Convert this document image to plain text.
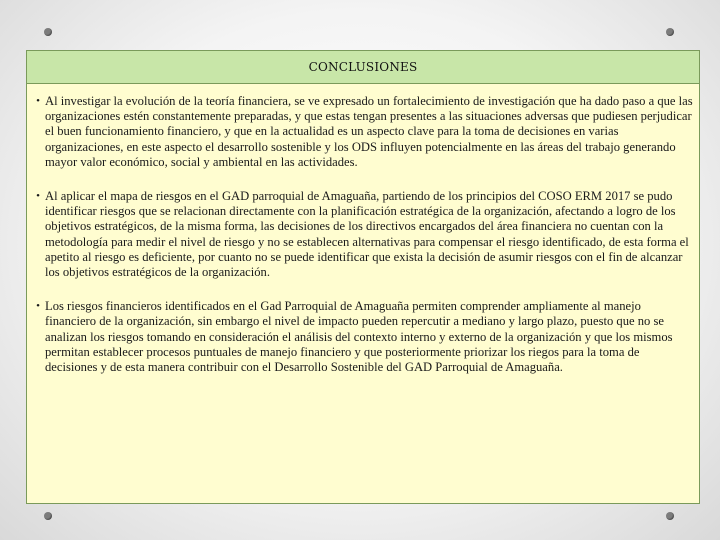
CONCLUSIONES
• Al investigar la evolución de la teoría financiera, se ve expresado un fortalecimiento de investigación que ha dado paso a que las organizaciones estén constantemente preparadas, y que estas tengan presentes a las situaciones adversas que pudiesen perjudicar el buen funcionamiento financiero, y que en la actualidad es un aspecto clave para la toma de decisiones en varias organizaciones, en este aspecto el desarrollo sostenible y los ODS influyen potencialmente en las áreas del trabajo generando mayor valor económico, social y ambiental en las actividades.
• Al aplicar el mapa de riesgos en el GAD parroquial de Amaguaña, partiendo de los principios del COSO ERM 2017 se pudo identificar riesgos que se relacionan directamente con la planificación estratégica de la organización, afectando a logro de los objetivos estratégicos, de la misma forma, las decisiones de los directivos encargados del área financiera no cuentan con la metodología para medir el nivel de riesgo y no se establecen alternativas para compensar el riesgo identificado, de esta forma el apetito al riesgo es deficiente, por cuanto no se puede identificar que exista la decisión de asumir riesgos con el fin de alcanzar los objetivos estratégicos de la organización.
• Los riesgos financieros identificados en el Gad Parroquial de Amaguaña permiten comprender ampliamente al manejo financiero de la organización, sin embargo el nivel de impacto pueden repercutir a mediano y largo plazo, puesto que no se analizan los riesgos tomando en consideración el análisis del contexto interno y externo de la organización y que los mismos permitan establecer procesos puntuales de manejo financiero y que posteriormente priorizar los riegos para la toma de decisiones y de esta manera contribuir con el Desarrollo Sostenible del GAD Parroquial de Amaguaña.
